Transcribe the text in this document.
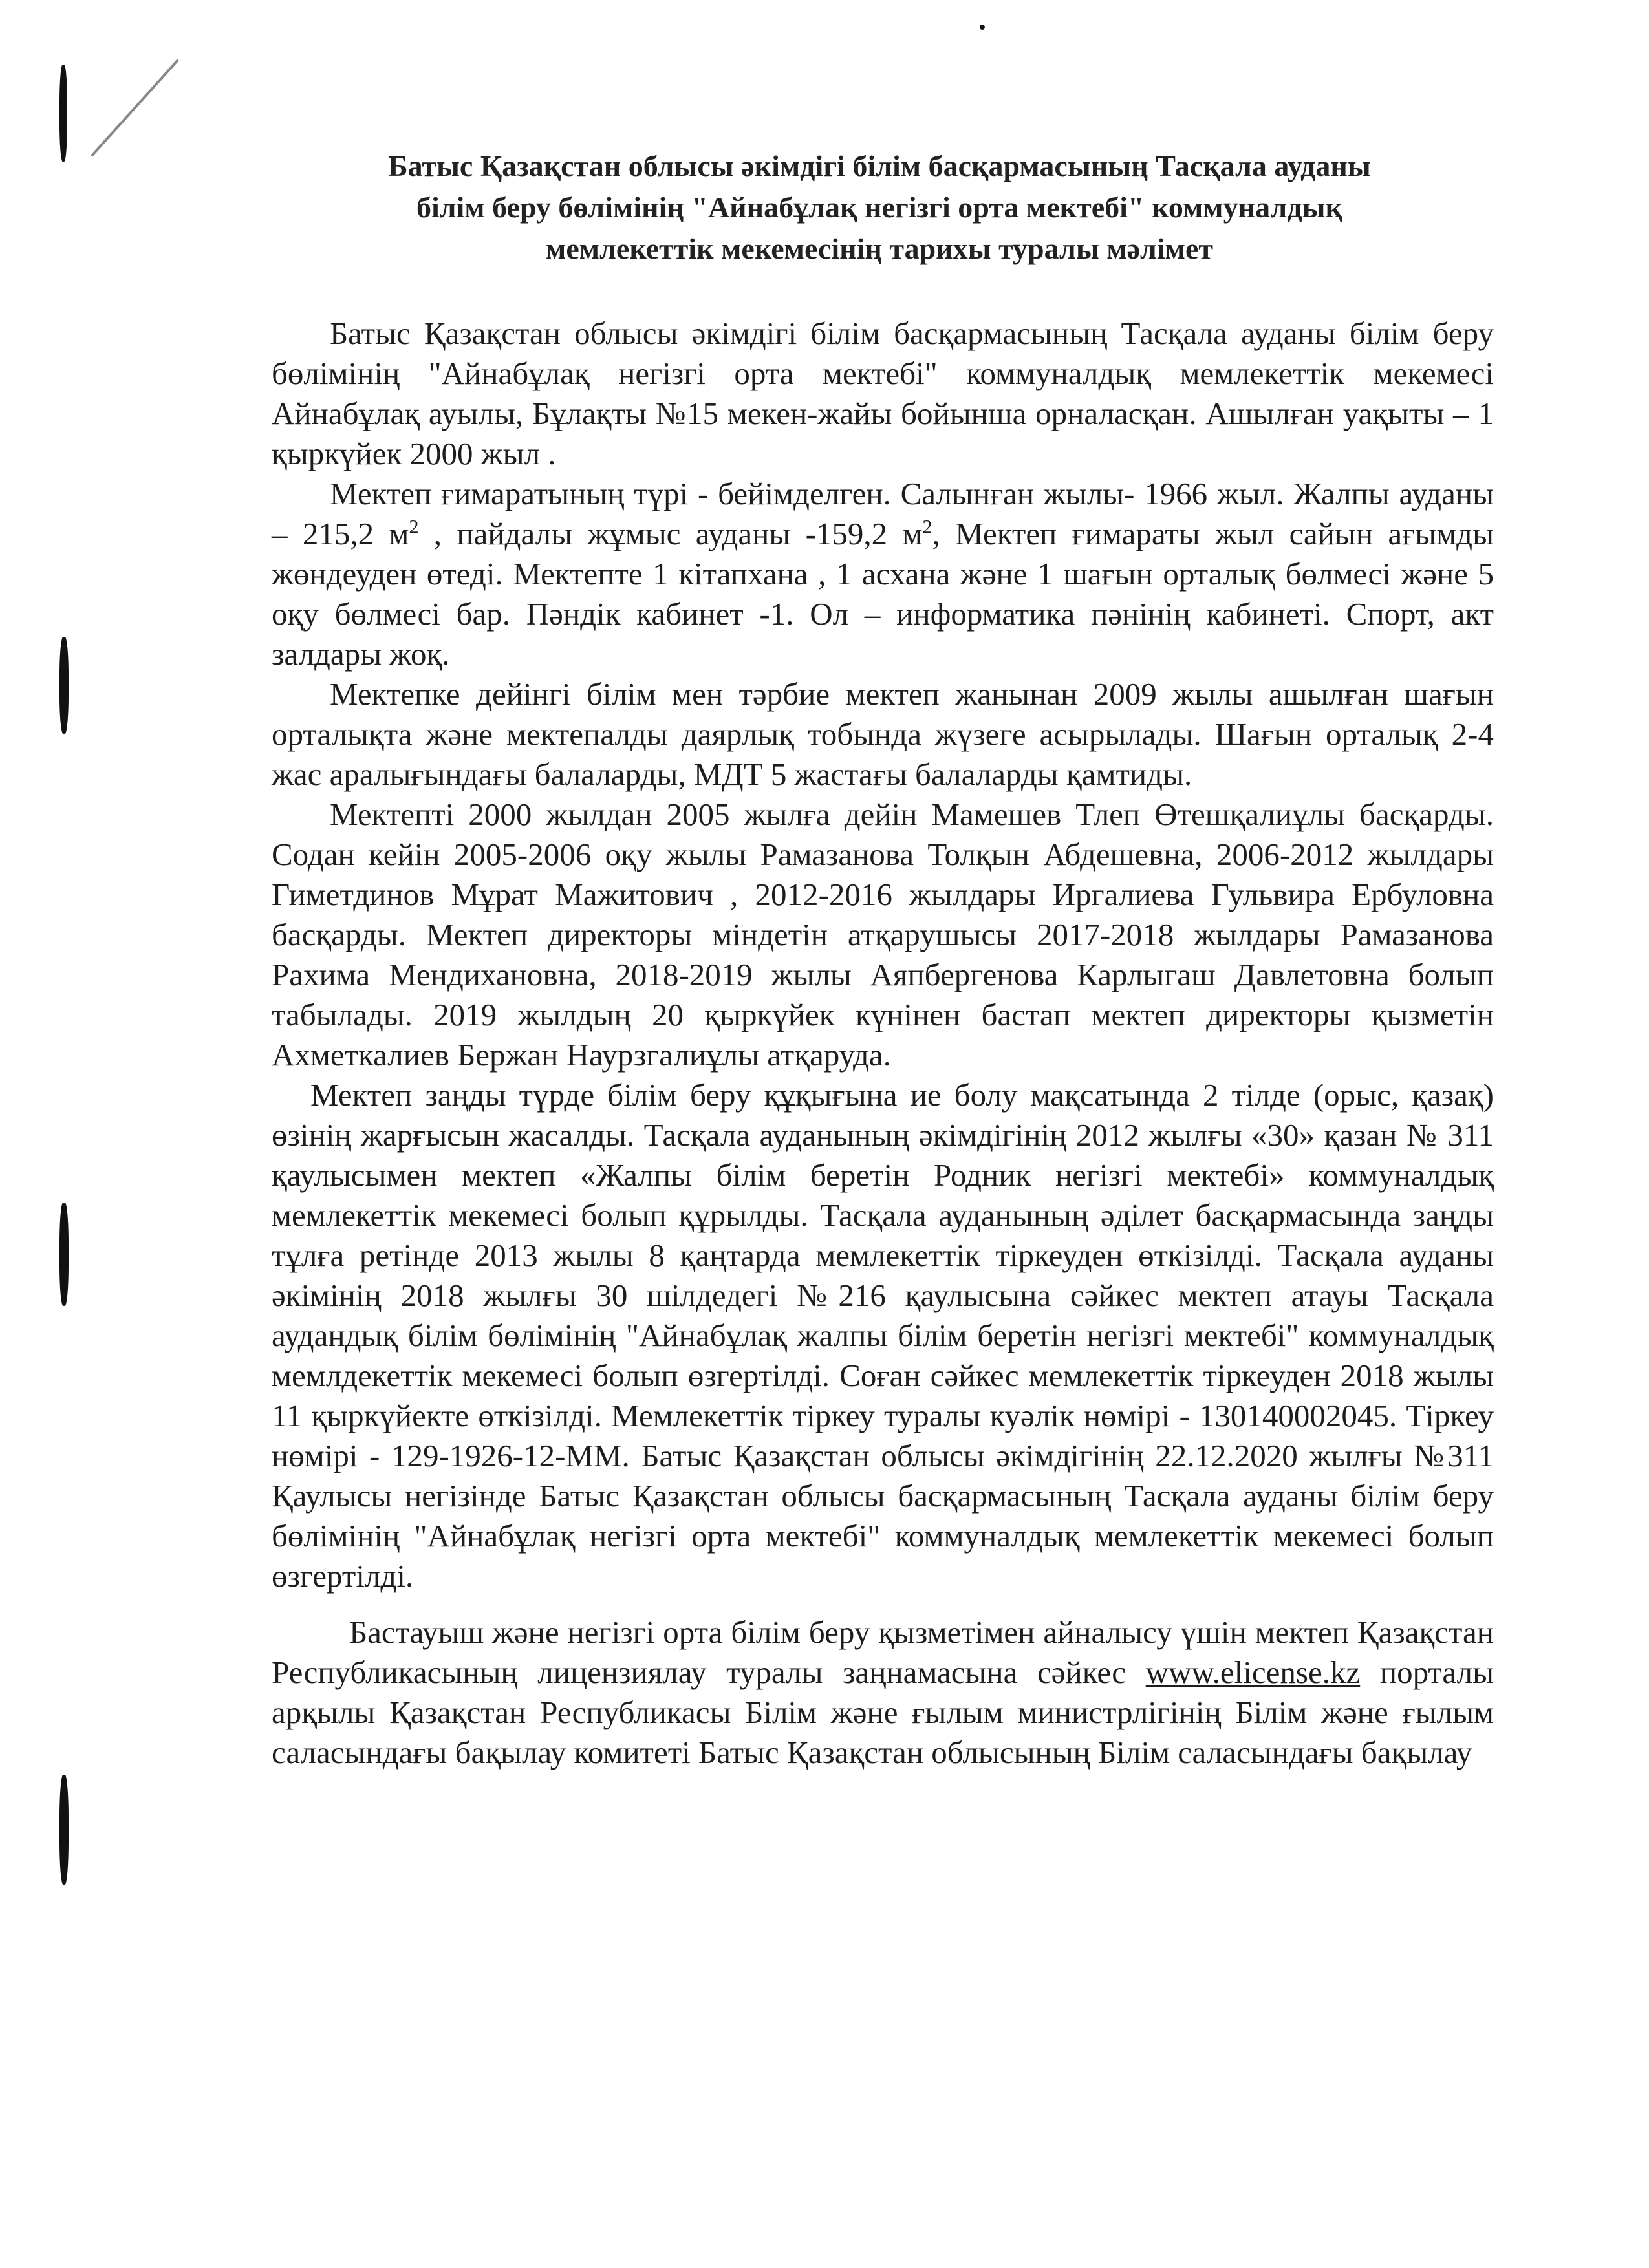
Батыс Қазақстан облысы әкімдігі білім басқармасының Тасқала ауданы
білім беру бөлімінің "Айнабұлақ негізгі орта мектебі" коммуналдық
мемлекеттік мекемесінің тарихы туралы мәлімет

Батыс Қазақстан облысы әкімдігі білім басқармасының Тасқала ауданы білім беру бөлімінің "Айнабұлақ негізгі орта мектебі" коммуналдық мемлекеттік мекемесі Айнабұлақ ауылы, Бұлақты №15 мекен-жайы бойынша орналасқан. Ашылған уақыты – 1 қыркүйек 2000 жыл .

Мектеп ғимаратының түрі - бейімделген. Салынған жылы- 1966 жыл. Жалпы ауданы – 215,2 $м^2$ , пайдалы жұмыс ауданы -159,2 $м^2$, Мектеп ғимараты жыл сайын ағымды жөндеуден өтеді. Мектепте 1 кітапхана , 1 асхана және 1 шағын орталық бөлмесі және 5 оқу бөлмесі бар. Пәндік кабинет -1. Ол – информатика пәнінің кабинеті. Спорт, акт залдары жоқ.

Мектепке дейінгі білім мен тәрбие мектеп жанынан 2009 жылы ашылған шағын орталықта және мектепалды даярлық тобында жүзеге асырылады. Шағын орталық 2-4 жас аралығындағы балаларды, МДТ 5 жастағы балаларды қамтиды.

Мектепті 2000 жылдан 2005 жылға дейін Мамешев Тлеп Өтешқалиұлы басқарды. Содан кейін 2005-2006 оқу жылы Рамазанова Толқын Абдешевна, 2006-2012 жылдары Гиметдинов Мұрат Мажитович , 2012-2016 жылдары Иргалиева Гульвира Ербуловна басқарды. Мектеп директоры міндетін атқарушысы 2017-2018 жылдары Рамазанова Рахима Мендихановна, 2018-2019 жылы Аяпбергенова Карлыгаш Давлетовна болып табылады. 2019 жылдың 20 қыркүйек күнінен бастап мектеп директоры қызметін Ахметкалиев Бержан Наурзгалиұлы атқаруда.

Мектеп заңды түрде білім беру құқығына ие болу мақсатында 2 тілде (орыс, қазақ) өзінің жарғысын жасалды. Тасқала ауданының әкімдігінің 2012 жылғы «30» қазан № 311 қаулысымен мектеп «Жалпы білім беретін Родник негізгі мектебі» коммуналдық мемлекеттік мекемесі болып құрылды. Тасқала ауданының әділет басқармасында заңды тұлға ретінде 2013 жылы 8 қаңтарда мемлекеттік тіркеуден өткізілді. Тасқала ауданы әкімінің 2018 жылғы 30 шілдедегі №216 қаулысына сәйкес мектеп атауы Тасқала аудандық білім бөлімінің "Айнабұлақ жалпы білім беретін негізгі мектебі" коммуналдық мемлдекеттік мекемесі болып өзгертілді. Соған сәйкес мемлекеттік тіркеуден 2018 жылы 11 қыркүйекте өткізілді. Мемлекеттік тіркеу туралы куәлік нөмірі - 130140002045. Тіркеу нөмірі - 129-1926-12-ММ. Батыс Қазақстан облысы әкімдігінің 22.12.2020 жылғы №311 Қаулысы негізінде Батыс Қазақстан облысы басқармасының Тасқала ауданы білім беру бөлімінің "Айнабұлақ негізгі орта мектебі" коммуналдық мемлекеттік мекемесі болып өзгертілді.

Бастауыш және негізгі орта білім беру қызметімен айналысу үшін мектеп Қазақстан Республикасының лицензиялау туралы заңнамасына сәйкес www.elicense.kz порталы арқылы Қазақстан Республикасы Білім және ғылым министрлігінің Білім және ғылым саласындағы бақылау комитеті Батыс Қазақстан облысының Білім саласындағы бақылау
